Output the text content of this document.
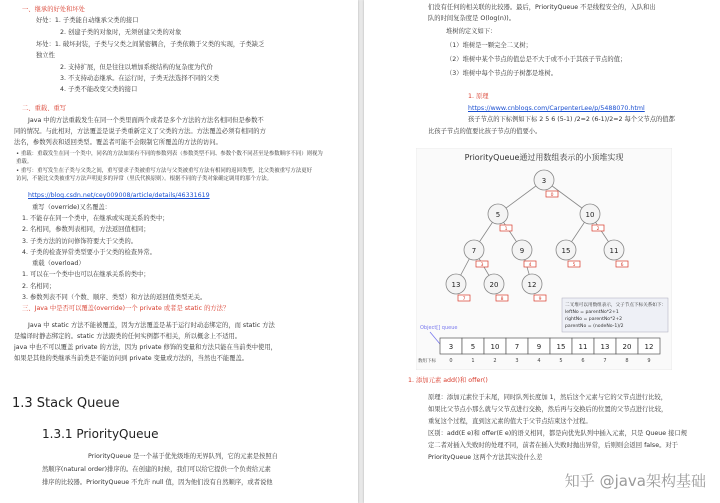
一、继承的好处和坏处
好处：1. 子类能自动继承父类的接口
2. 创建子类的对象时，无须创建父类的对象
坏处：1. 破坏封装，子类与父类之间紧密耦合，子类依赖于父类的实现，子类缺乏
独立性
2. 支持扩展，但是往往以增加系统结构的复杂度为代价
3. 不支持动态继承。在运行时，子类无法选择不同的父类
4. 子类不能改变父类的接口
二、重载、重写
Java 中的方法重载发生在同一个类里面两个或者是多个方法的方法名相同但是参数不
同的情况。与此相对，方法覆盖是说子类重新定义了父类的方法。方法覆盖必须有相同的方
法名，参数列表和返回类型。覆盖者可能不会限制它所覆盖的方法的访问。
• 重载：重载发生在同一个类中，同名的方法如果有不同的参数列表（参数类型不同、参数个数不同甚至是参数顺序不同）则视为
重载。
• 重写：重写发生在子类与父类之间，重写要求子类被重写方法与父类被重写方法有相同的返回类型，比父类被重写方法更好
访问，不能比父类被重写方法声明更多的异常（里氏代换原则）。根据不同的子类对象确定调用的那个方法。
https://blog.csdn.net/cey009008/article/details/46331619
重写（override)又名覆盖：
1. 不能存在同一个类中，在继承或实现关系的类中；
2. 名相同，参数列表相同，方法返回值相同；
3. 子类方法的访问修饰符要大于父类的。
4. 子类的检查异常类型要小于父类的检查异常。
重载（overload）
1. 可以在一个类中也可以在继承关系的类中；
2. 名相同；
3. 参数列表不同（个数、顺序、类型）和方法的返回值类型无关。
三、Java 中是否可以覆盖(override)一个 private 或者是 static 的方法？
Java 中 static 方法不能被覆盖，因为方法覆盖是基于运行时动态绑定的，而 static 方法
是编译时静态绑定的。static 方法跟类的任何实例都不相关，所以概念上不适用。
java 中也不可以覆盖 private 的方法，因为 private 修饰的变量和方法只能在当前类中使用，
如果是其他的类继承当前类是不能访问到 private 变量或方法的，当然也不能覆盖。
1.3 Stack Queue
1.3.1 PriorityQueue
PriorityQueue 是一个基于优先级堆的无界队列，它的元素是按照自
然顺序(natural order)排序的。在创建的时候，我们可以给它提供一个负责给元素
排序的比较器。PriorityQueue 不允许 null 值，因为他们没有自然顺序，或者说他
们没有任何的相关联的比较器。最后，PriorityQueue 不是线程安全的，入队和出
队的时间复杂度是 O(log(n))。
堆树的定义如下：
（1）堆树是一颗完全二叉树；
（2）堆树中某个节点的值总是不大于或不小于其孩子节点的值；
（3）堆树中每个节点的子树都是堆树。
1. 原理
https://www.cnblogs.com/CarpenterLee/p/5488070.html
孩子节点的下标例如下标 2 5 6 (5-1) /2=2 (6-1)/2=2 每个父节点的值都
比孩子节点的值要比孩子节点的值要小。
PriorityQueue通过用数组表示的小顶堆实现
3
0
5
1
10
2
7
3
9
4
15
5
11
6
13
7
20
8
12
9
Object[] queue
3
0
5
1
10
2
7
3
9
4
15
5
11
6
13
7
20
8
12
9
数组下标
二叉堆可以用数组表示，父子节点下标关系如下：
leftNo = parentNo*2+1
rightNo = parentNo*2+2
parentNo = (nodeNo-1)/2
1. 添加元素 add()和 offer()
原理：添加元素位于末尾，同时队列长度加 1，然后这个元素与它的父节点进行比较，
如果比父节点小那么就与父节点进行交换，然后再与交换后的位置的父节点进行比较，
重复这个过程，直到这元素的值大于父节点结束这个过程。
区别：add(E e)和 offer(E e)的语义相同，都是向优先队列中插入元素，只是 Queue 接口规
定二者对插入失败时的处理不同，前者在插入失败时抛出异常，后则则会返回 false。对于
PriorityQueue 这两个方法其实没什么差
知乎 @java架构基础
